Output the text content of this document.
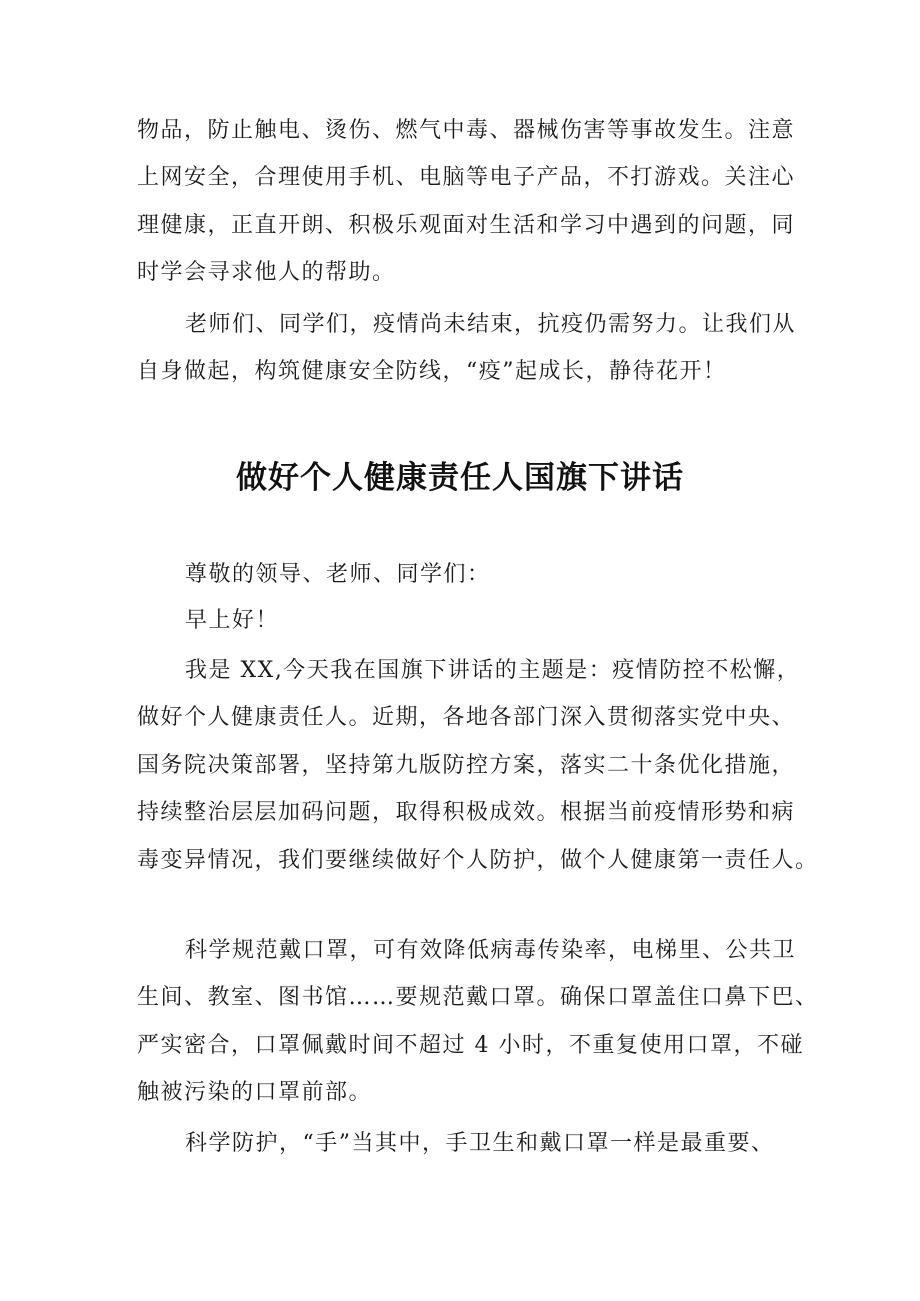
物品，防止触电、烫伤、燃气中毒、器械伤害等事故发生。注意
上网安全，合理使用手机、电脑等电子产品，不打游戏。关注心
理健康，正直开朗、积极乐观面对生活和学习中遇到的问题，同
时学会寻求他人的帮助。
老师们、同学们，疫情尚未结束，抗疫仍需努力。让我们从
自身做起，构筑健康安全防线，“疫”起成长，静待花开！
做好个人健康责任人国旗下讲话
尊敬的领导、老师、同学们：
早上好！
我是 XX,今天我在国旗下讲话的主题是：疫情防控不松懈，
做好个人健康责任人。近期，各地各部门深入贯彻落实党中央、
国务院决策部署，坚持第九版防控方案，落实二十条优化措施，
持续整治层层加码问题，取得积极成效。根据当前疫情形势和病
毒变异情况，我们要继续做好个人防护，做个人健康第一责任人。
科学规范戴口罩，可有效降低病毒传染率，电梯里、公共卫
生间、教室、图书馆……要规范戴口罩。确保口罩盖住口鼻下巴、
严实密合，口罩佩戴时间不超过 4 小时，不重复使用口罩，不碰
触被污染的口罩前部。
科学防护，“手”当其中，手卫生和戴口罩一样是最重要、
